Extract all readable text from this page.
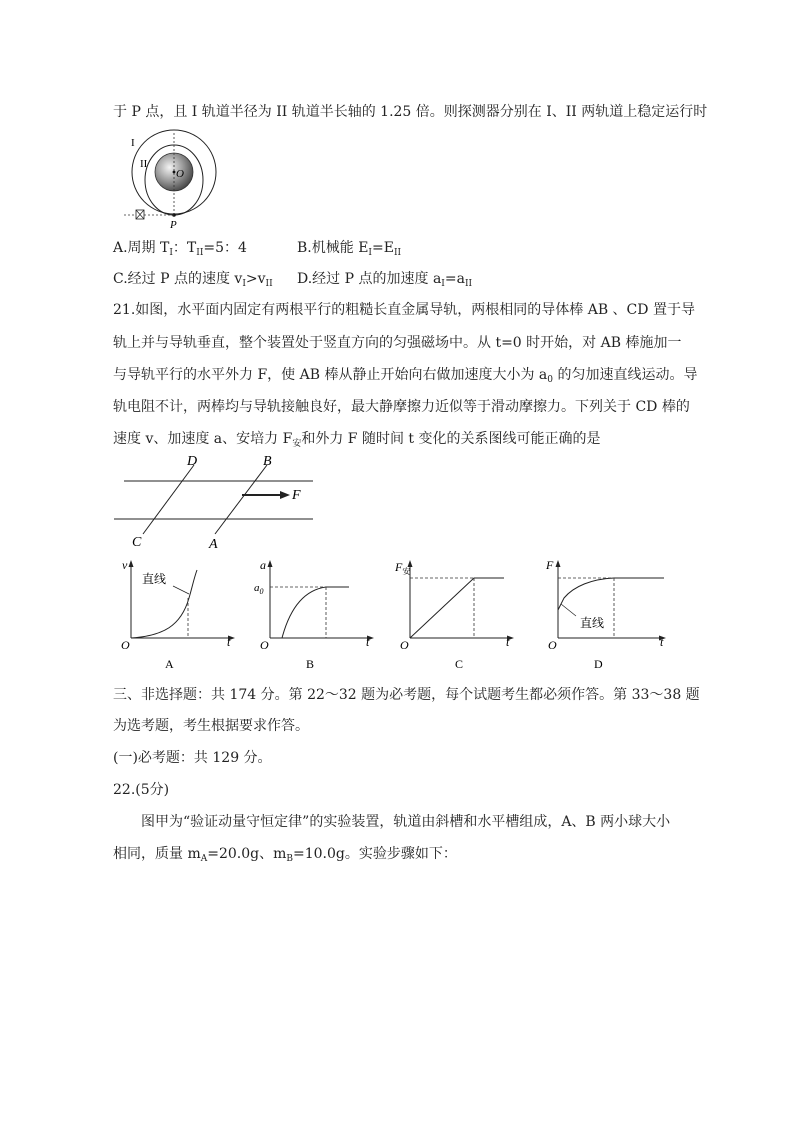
于 P 点，且 I 轨道半径为 II 轨道半长轴的 1.25 倍。则探测器分别在 I、II 两轨道上稳定运行时
I
II
O
P
A.周期 $T_I$：$T_{II}=5$：4	B.机械能 $E_I=E_{II}$
C.经过 P 点的速度 $v_I>v_{II}$ D.经过 P 点的加速度 $a_I=a_{II}$
21.如图，水平面内固定有两根平行的粗糙长直金属导轨，两根相同的导体棒 AB 、CD 置于导
轨上并与导轨垂直，整个装置处于竖直方向的匀强磁场中。从 t=0 时开始，对 AB 棒施加一
与导轨平行的水平外力 F，使 AB 棒从静止开始向右做加速度大小为 $a_0$ 的匀加速直线运动。导
轨电阻不计，两棒均与导轨接触良好，最大静摩擦力近似等于滑动摩擦力。下列关于 CD 棒的
速度 v、加速度 a、安培力 $F_安$和外力 F 随时间 t 变化的关系图线可能正确的是
D	B
C	A
F
直线
v
t
O
A
$a_0$
a
t
O
B
$F_安$
t
O
C
直线
F
t
O
D
三、非选择题：共 174 分。第 22～32 题为必考题，每个试题考生都必须作答。第 33～38 题
为选考题，考生根据要求作答。
(一)必考题：共 129 分。
22.(5分)
图甲为“验证动量守恒定律”的实验装置，轨道由斜槽和水平槽组成，A、B 两小球大小
相同，质量 $m_A=20.0g$、$m_B=10.0g$。实验步骤如下：
